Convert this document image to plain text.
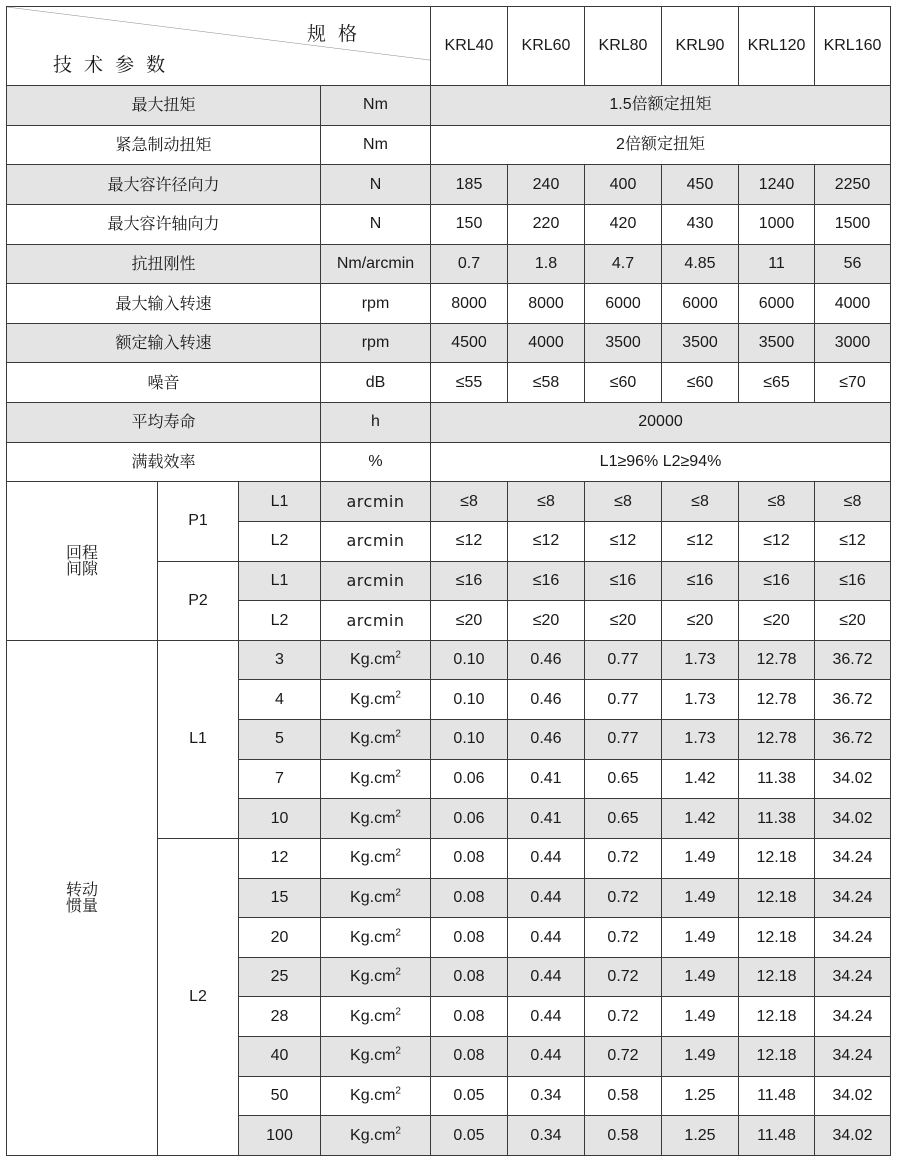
规 格
技 术 参 数				KRL40	KRL60	KRL80	KRL90	KRL120	KRL160
最大扭矩			Nm	1.5倍额定扭矩					
紧急制动扭矩			Nm	2倍额定扭矩					
最大容许径向力			N	185	240	400	450	1240	2250
最大容许轴向力			N	150	220	420	430	1000	1500
抗扭刚性			Nm/arcmin	0.7	1.8	4.7	4.85	11	56
最大输入转速			rpm	8000	8000	6000	6000	6000	4000
额定输入转速			rpm	4500	4000	3500	3500	3500	3000
噪音			dB	≤55	≤58	≤60	≤60	≤65	≤70
平均寿命			h	20000					
满载效率			%	L1≥96% L2≥94%					
回程
间隙	P1	L1	arcmin	≤8	≤8	≤8	≤8	≤8	≤8
		L2	arcmin	≤12	≤12	≤12	≤12	≤12	≤12
	P2	L1	arcmin	≤16	≤16	≤16	≤16	≤16	≤16
		L2	arcmin	≤20	≤20	≤20	≤20	≤20	≤20
转动
惯量	L1	3	$Kg.cm^2$	0.10	0.46	0.77	1.73	12.78	36.72
		4	$Kg.cm^2$	0.10	0.46	0.77	1.73	12.78	36.72
		5	$Kg.cm^2$	0.10	0.46	0.77	1.73	12.78	36.72
		7	$Kg.cm^2$	0.06	0.41	0.65	1.42	11.38	34.02
		10	$Kg.cm^2$	0.06	0.41	0.65	1.42	11.38	34.02
	L2	12	$Kg.cm^2$	0.08	0.44	0.72	1.49	12.18	34.24
		15	$Kg.cm^2$	0.08	0.44	0.72	1.49	12.18	34.24
		20	$Kg.cm^2$	0.08	0.44	0.72	1.49	12.18	34.24
		25	$Kg.cm^2$	0.08	0.44	0.72	1.49	12.18	34.24
		28	$Kg.cm^2$	0.08	0.44	0.72	1.49	12.18	34.24
		40	$Kg.cm^2$	0.08	0.44	0.72	1.49	12.18	34.24
		50	$Kg.cm^2$	0.05	0.34	0.58	1.25	11.48	34.02
		100	$Kg.cm^2$	0.05	0.34	0.58	1.25	11.48	34.02
